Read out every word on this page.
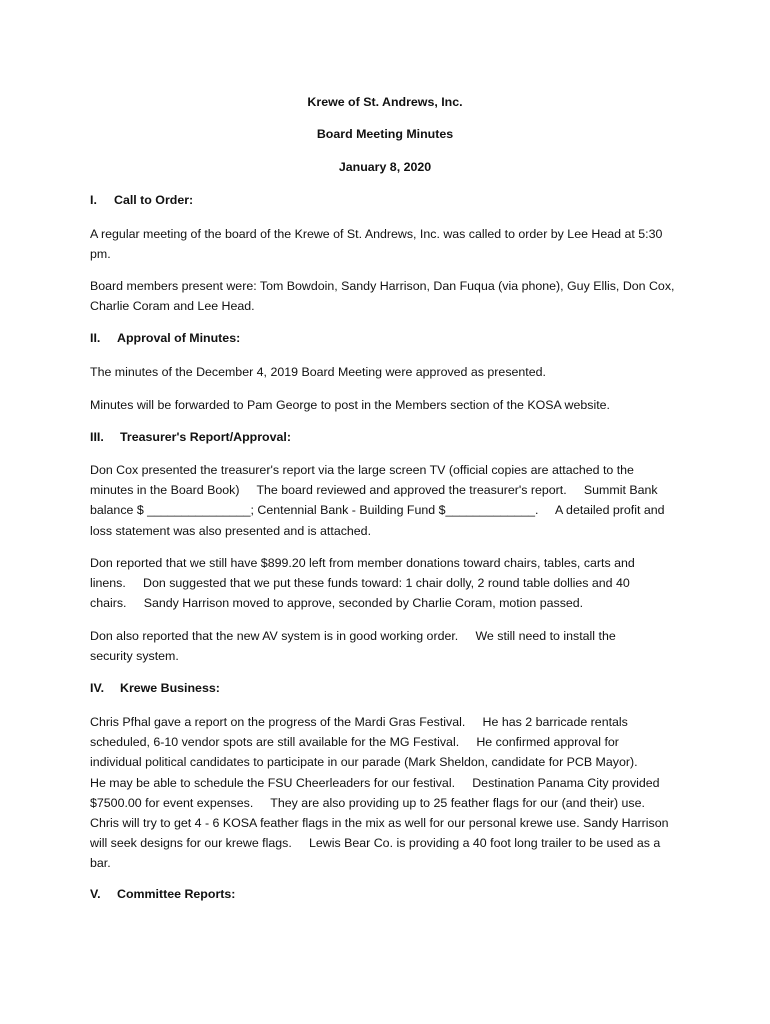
Krewe of St. Andrews, Inc.
Board Meeting Minutes
January 8, 2020
I. Call to Order:
A regular meeting of the board of the Krewe of St. Andrews, Inc. was called to order by Lee Head at 5:30
pm.
Board members present were: Tom Bowdoin, Sandy Harrison, Dan Fuqua (via phone), Guy Ellis, Don Cox,
Charlie Coram and Lee Head.
II. Approval of Minutes:
The minutes of the December 4, 2019 Board Meeting were approved as presented.
Minutes will be forwarded to Pam George to post in the Members section of the KOSA website.
III. Treasurer's Report/Approval:
Don Cox presented the treasurer's report via the large screen TV (official copies are attached to the
minutes in the Board Book)     The board reviewed and approved the treasurer's report.     Summit Bank
balance $ _______________; Centennial Bank - Building Fund $_____________.     A detailed profit and
loss statement was also presented and is attached.
Don reported that we still have $899.20 left from member donations toward chairs, tables, carts and
linens.     Don suggested that we put these funds toward: 1 chair dolly, 2 round table dollies and 40
chairs.     Sandy Harrison moved to approve, seconded by Charlie Coram, motion passed.
Don also reported that the new AV system is in good working order.     We still need to install the
security system.
IV. Krewe Business:
Chris Pfhal gave a report on the progress of the Mardi Gras Festival.     He has 2 barricade rentals
scheduled, 6-10 vendor spots are still available for the MG Festival.     He confirmed approval for
individual political candidates to participate in our parade (Mark Sheldon, candidate for PCB Mayor).
He may be able to schedule the FSU Cheerleaders for our festival.     Destination Panama City provided
$7500.00 for event expenses.     They are also providing up to 25 feather flags for our (and their) use.
Chris will try to get 4 - 6 KOSA feather flags in the mix as well for our personal krewe use. Sandy Harrison
will seek designs for our krewe flags.     Lewis Bear Co. is providing a 40 foot long trailer to be used as a
bar.
V. Committee Reports:
